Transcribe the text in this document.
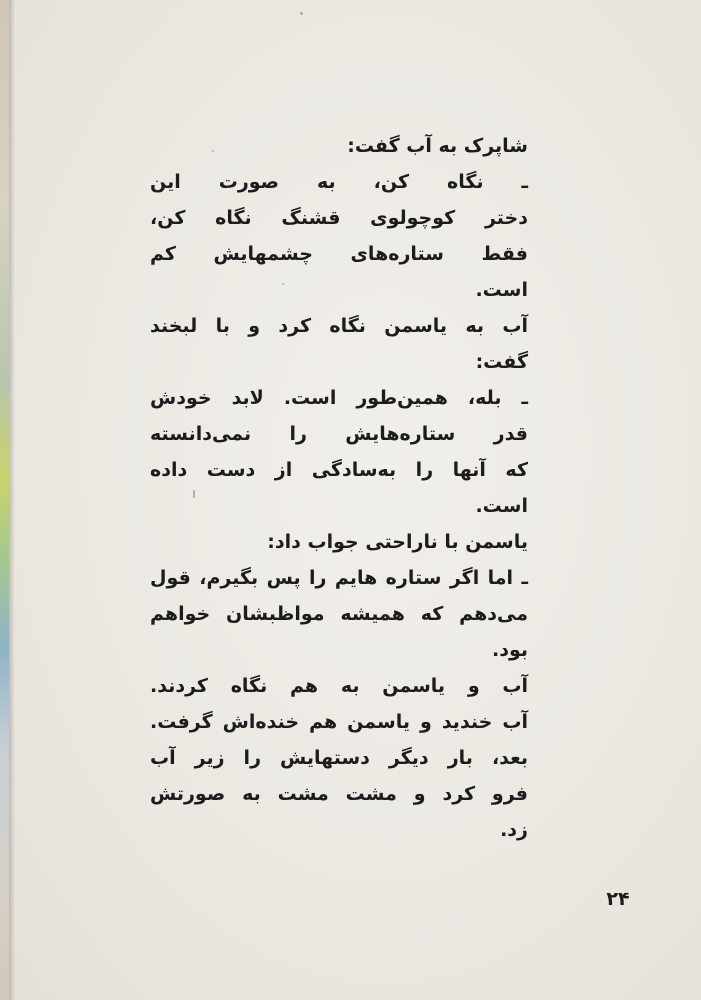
شاپرک به آب گفت:
ـ نگاه کن، به صورت این
دختر کوچولوی قشنگ نگاه کن،
فقط ستاره‌های چشمهایش کم
است.
آب به یاسمن نگاه کرد و با لبخند
گفت:
ـ بله، همین‌طور است. لابد خودش
قدر ستاره‌هایش را نمی‌دانسته
که آنها را به‌سادگی از دست داده
است.
یاسمن با ناراحتی جواب داد:
ـ اما اگر ستاره هایم را پس بگیرم، قول
می‌دهم که همیشه مواظبشان خواهم
بود.
آب و یاسمن به هم نگاه کردند.
آب خندید و یاسمن هم خنده‌اش گرفت.
بعد، بار دیگر دستهایش را زیر آب
فرو کرد و مشت مشت به صورتش
زد.
۲۴
